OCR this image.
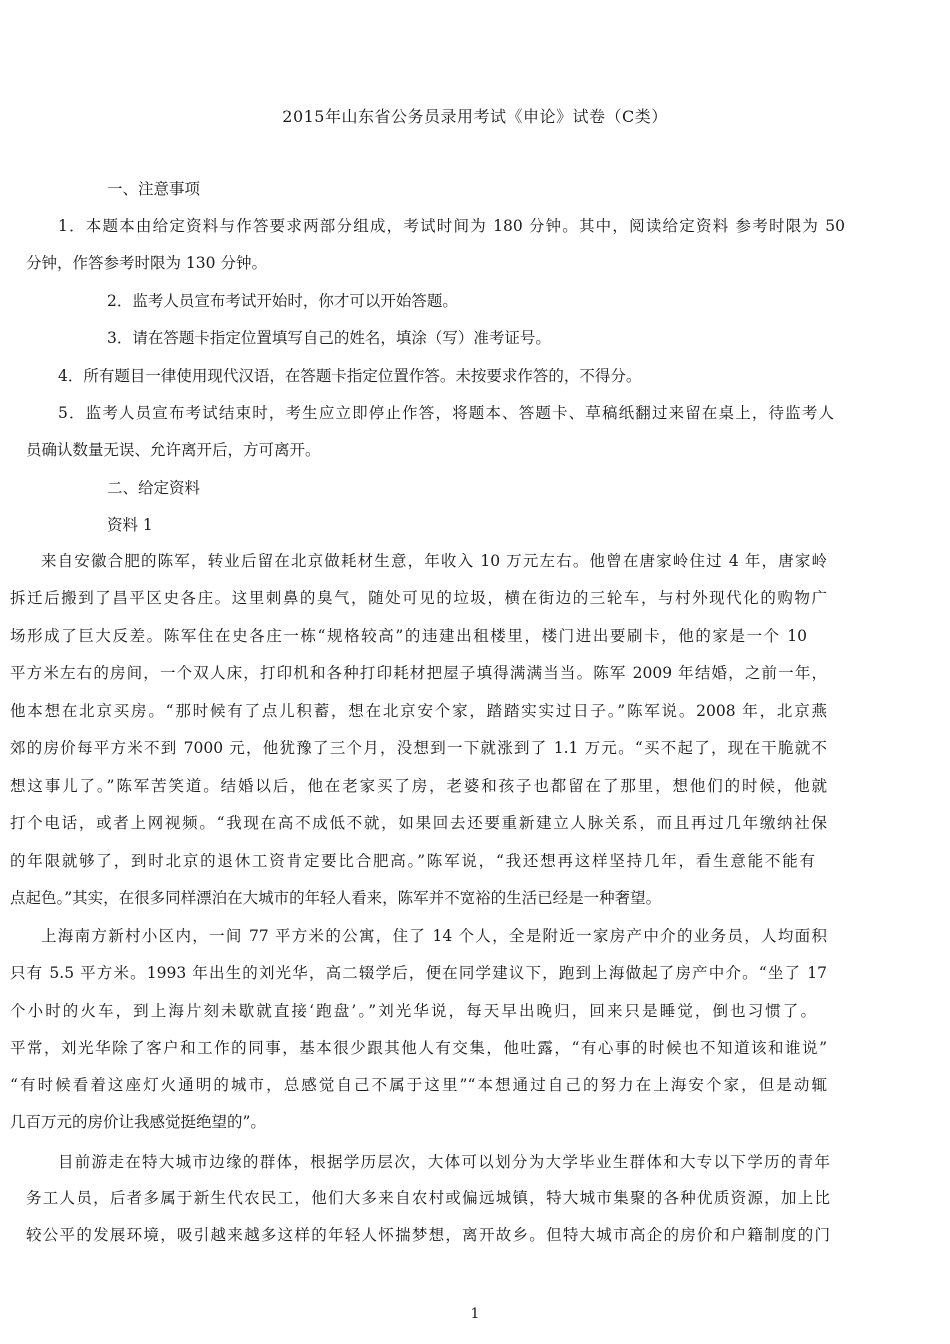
2015年山东省公务员录用考试《申论》试卷（C类）
一、注意事项
1．本题本由给定资料与作答要求两部分组成，考试时间为 180 分钟。其中，阅读给定资料 参考时限为 50
分钟，作答参考时限为 130 分钟。
2．监考人员宣布考试开始时，你才可以开始答题。
3．请在答题卡指定位置填写自己的姓名，填涂（写）准考证号。
4．所有题目一律使用现代汉语，在答题卡指定位置作答。未按要求作答的，不得分。
5．监考人员宣布考试结束时，考生应立即停止作答，将题本、答题卡、草稿纸翻过来留在桌上，待监考人
员确认数量无误、允许离开后，方可离开。
二、给定资料
资料 1
来自安徽合肥的陈军，转业后留在北京做耗材生意，年收入 10 万元左右。他曾在唐家岭住过 4 年，唐家岭
拆迁后搬到了昌平区史各庄。这里刺鼻的臭气，随处可见的垃圾，横在街边的三轮车，与村外现代化的购物广
场形成了巨大反差。陈军住在史各庄一栋“规格较高”的违建出租楼里，楼门进出要刷卡，他的家是一个 10
平方米左右的房间，一个双人床，打印机和各种打印耗材把屋子填得满满当当。陈军 2009 年结婚，之前一年，
他本想在北京买房。“那时候有了点儿积蓄，想在北京安个家，踏踏实实过日子。”陈军说。2008 年，北京燕
郊的房价每平方米不到 7000 元，他犹豫了三个月，没想到一下就涨到了 1.1 万元。“买不起了，现在干脆就不
想这事儿了。”陈军苦笑道。结婚以后，他在老家买了房，老婆和孩子也都留在了那里，想他们的时候，他就
打个电话，或者上网视频。“我现在高不成低不就，如果回去还要重新建立人脉关系，而且再过几年缴纳社保
的年限就够了，到时北京的退休工资肯定要比合肥高。”陈军说，“我还想再这样坚持几年，看生意能不能有
点起色。”其实，在很多同样漂泊在大城市的年轻人看来，陈军并不宽裕的生活已经是一种奢望。
上海南方新村小区内，一间 77 平方米的公寓，住了 14 个人，全是附近一家房产中介的业务员，人均面积
只有 5.5 平方米。1993 年出生的刘光华，高二辍学后，便在同学建议下，跑到上海做起了房产中介。“坐了 17
个小时的火车，到上海片刻未歇就直接‘跑盘’。”刘光华说，每天早出晚归，回来只是睡觉，倒也习惯了。
平常，刘光华除了客户和工作的同事，基本很少跟其他人有交集，他吐露，“有心事的时候也不知道该和谁说”
“有时候看着这座灯火通明的城市，总感觉自己不属于这里”“本想通过自己的努力在上海安个家，但是动辄
几百万元的房价让我感觉挺绝望的”。
目前游走在特大城市边缘的群体，根据学历层次，大体可以划分为大学毕业生群体和大专以下学历的青年
务工人员，后者多属于新生代农民工，他们大多来自农村或偏远城镇，特大城市集聚的各种优质资源，加上比
较公平的发展环境，吸引越来越多这样的年轻人怀揣梦想，离开故乡。但特大城市高企的房价和户籍制度的门
1
